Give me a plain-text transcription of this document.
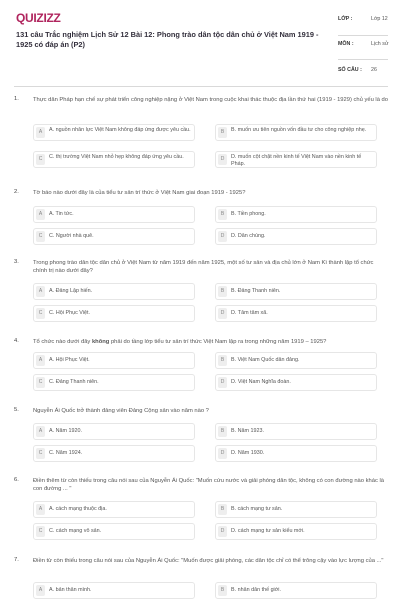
QUIZIZZ
131 câu Trắc nghiệm Lịch Sử 12 Bài 12: Phong trào dân tộc dân chủ ở Việt Nam 1919 - 1925 có đáp án (P2)
LỚP :	Lớp 12
MÔN :	Lịch sử
SỐ CÂU : 26
1. Thực dân Pháp hạn chế sự phát triển công nghiệp nặng ở Việt Nam trong cuộc khai thác thuộc địa lần thứ hai (1919 - 1929) chủ yếu là do
A	A. nguồn nhân lực Việt Nam không đáp ứng được yêu cầu.	B	B. muốn ưu tiên nguồn vốn đầu tư cho công nghiệp nhẹ.
C	C. thị trường Việt Nam nhỏ hẹp không đáp ứng yêu cầu.	D	D. muốn cột chặt nền kinh tế Việt Nam vào nền kinh tế Pháp.
2. Tờ báo nào dưới đây là của tiểu tư sản trí thức ở Việt Nam giai đoạn 1919 - 1925?
A	A. Tin tức.	B	B. Tiền phong.
C	C. Người nhà quê.	D	D. Dân chúng.
3. Trong phong trào dân tộc dân chủ ở Việt Nam từ năm 1919 đến năm 1925, một số tư sản và địa chủ lớn ở Nam Kì thành lập tổ chức chính trị nào dưới đây?
A	A. Đảng Lập hiến.	B	B. Đảng Thanh niên.
C	C. Hội Phục Việt.	D	D. Tâm tâm xã.
4. Tổ chức nào dưới đây không phải do tầng lớp tiểu tư sản trí thức Việt Nam lập ra trong những năm 1919 – 1925?
A	A. Hội Phục Việt.	B	B. Việt Nam Quốc dân đảng.
C	C. Đảng Thanh niên.	D	D. Việt Nam Nghĩa đoàn.
5. Nguyễn Ái Quốc trở thành đảng viên Đảng Cộng sản vào năm nào ?
A	A. Năm 1920.	B	B. Năm 1923.
C	C. Năm 1924.	D	D. Năm 1930.
6. Điền thêm từ còn thiếu trong câu nói sau của Nguyễn Ái Quốc: "Muốn cứu nước và giải phóng dân tộc, không có con đường nào khác là con đường ... "
A	A. cách mạng thuộc địa.	B	B. cách mạng tư sản.
C	C. cách mạng vô sản.	D	D. cách mạng tư sản kiểu mới.
7. Điền từ còn thiếu trong câu nói sau của Nguyễn Ái Quốc: "Muốn được giải phóng, các dân tộc chỉ có thể trông cậy vào lực lượng của ..."
A	A. bản thân mình.	B	B. nhân dân thế giới.
